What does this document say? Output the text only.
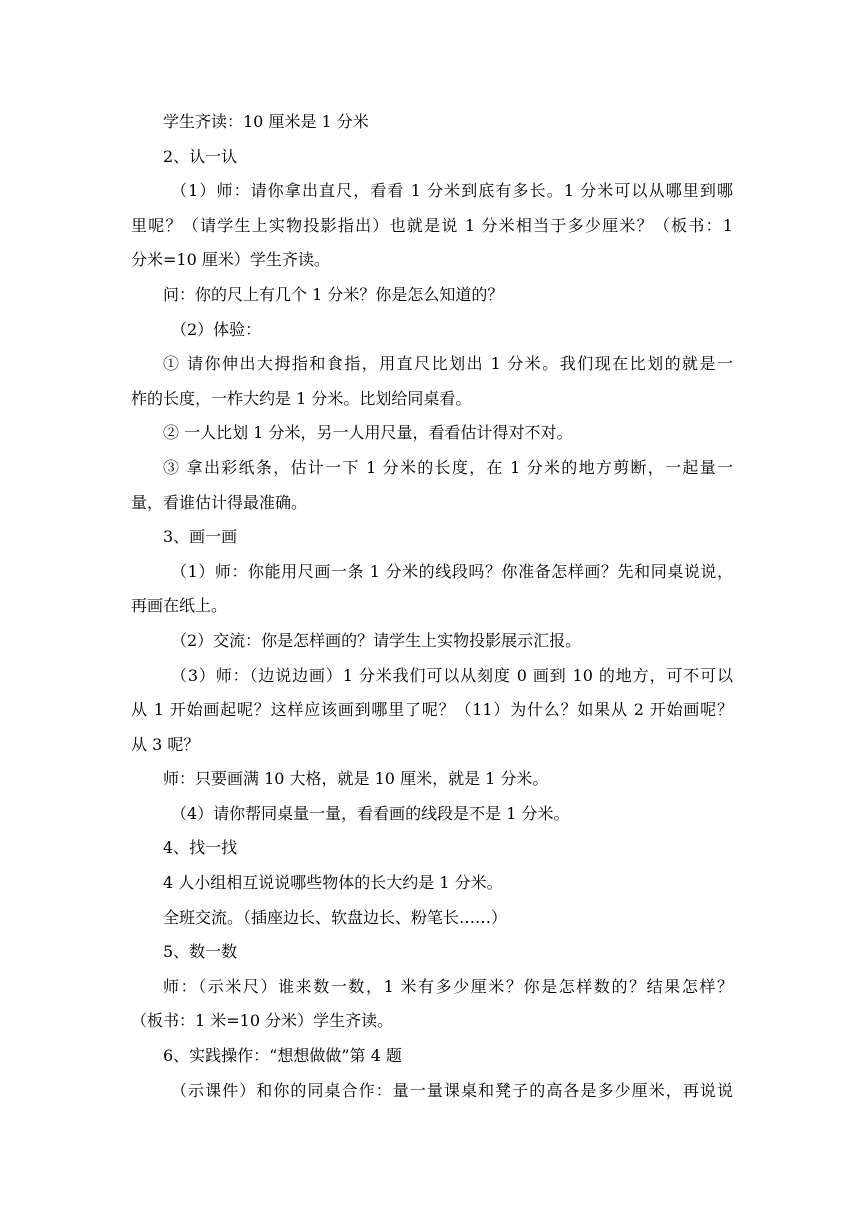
学生齐读：10 厘米是 1 分米
2、认一认
（1）师：请你拿出直尺，看看 1 分米到底有多长。1 分米可以从哪里到哪
里呢？（请学生上实物投影指出）也就是说 1 分米相当于多少厘米？（板书：1
分米=10 厘米）学生齐读。
问：你的尺上有几个 1 分米？你是怎么知道的？
（2）体验：
① 请你伸出大拇指和食指，用直尺比划出 1 分米。我们现在比划的就是一
柞的长度，一柞大约是 1 分米。比划给同桌看。
② 一人比划 1 分米，另一人用尺量，看看估计得对不对。
③ 拿出彩纸条，估计一下 1 分米的长度，在 1 分米的地方剪断，一起量一
量，看谁估计得最准确。
3、画一画
（1）师：你能用尺画一条 1 分米的线段吗？你准备怎样画？先和同桌说说，
再画在纸上。
（2）交流：你是怎样画的？请学生上实物投影展示汇报。
（3）师：（边说边画）1 分米我们可以从刻度 0 画到 10 的地方，可不可以
从 1 开始画起呢？这样应该画到哪里了呢？（11）为什么？如果从 2 开始画呢？
从 3 呢？
师：只要画满 10 大格，就是 10 厘米，就是 1 分米。
（4）请你帮同桌量一量，看看画的线段是不是 1 分米。
4、找一找
4 人小组相互说说哪些物体的长大约是 1 分米。
全班交流。（插座边长、软盘边长、粉笔长……）
5、数一数
师：（示米尺）谁来数一数，1 米有多少厘米？你是怎样数的？结果怎样？
（板书：1 米=10 分米）学生齐读。
6、实践操作：“想想做做”第 4 题
（示课件）和你的同桌合作：量一量课桌和凳子的高各是多少厘米，再说说
